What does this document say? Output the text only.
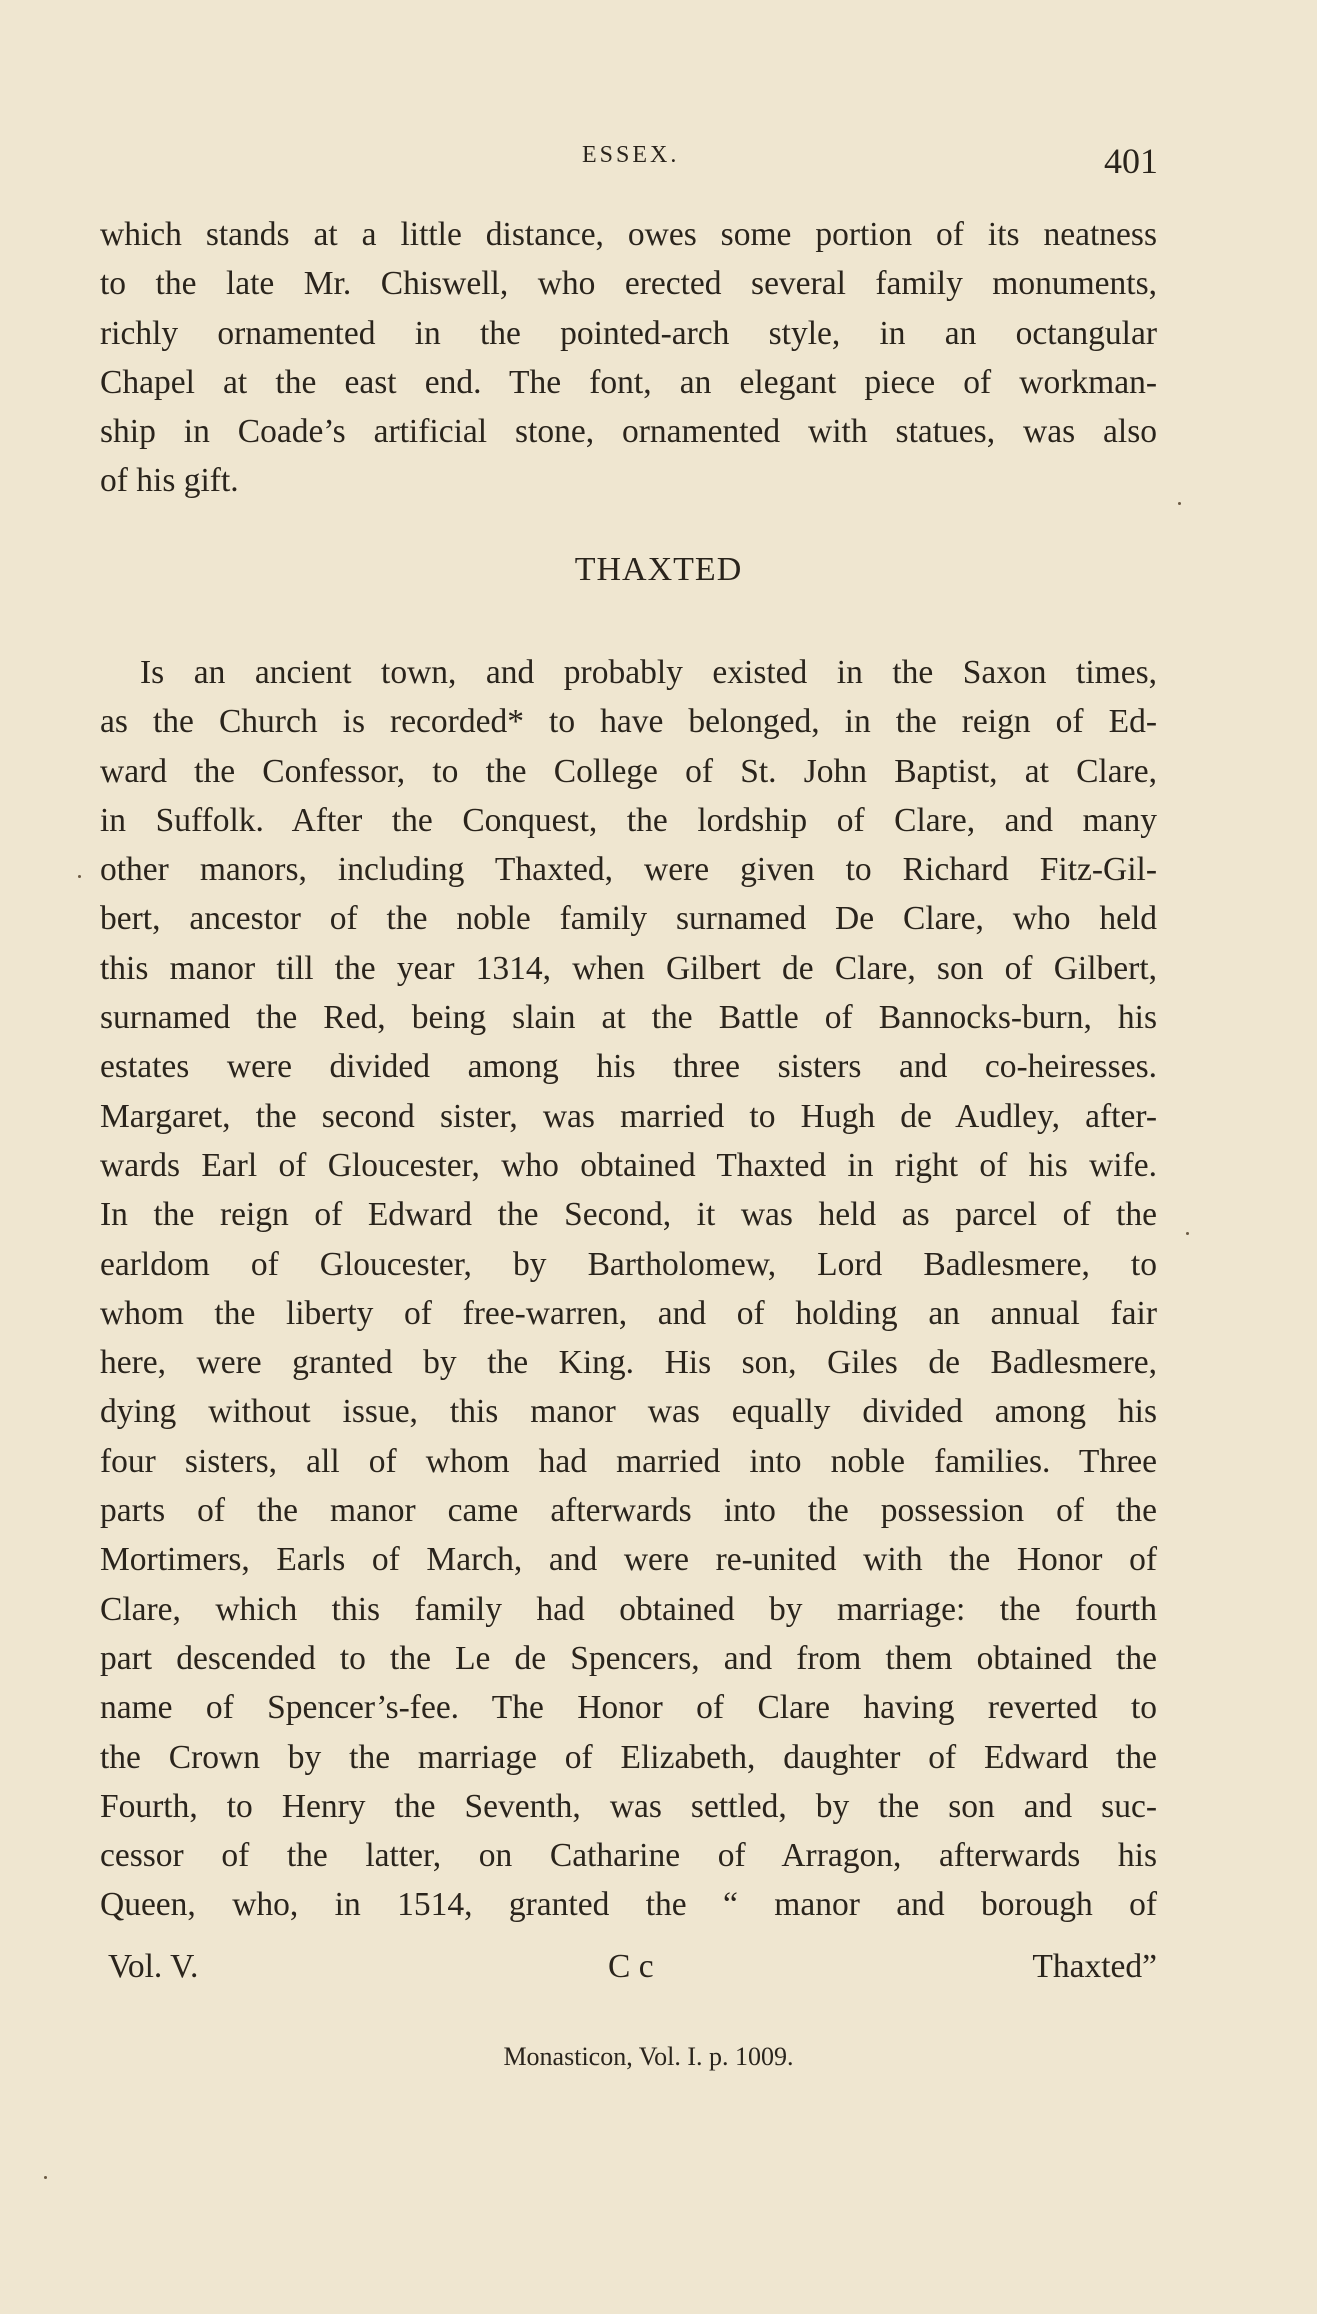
ESSEX.	401
which stands at a little distance, owes some portion of its neatness
to the late Mr. Chiswell, who erected several family monuments,
richly ornamented in the pointed-arch style, in an octangular
Chapel at the east end. The font, an elegant piece of workman-
ship in Coade’s artificial stone, ornamented with statues, was also
of his gift.
THAXTED
Is an ancient town, and probably existed in the Saxon times,
as the Church is recorded* to have belonged, in the reign of Ed-
ward the Confessor, to the College of St. John Baptist, at Clare,
in Suffolk. After the Conquest, the lordship of Clare, and many
other manors, including Thaxted, were given to Richard Fitz-Gil-
bert, ancestor of the noble family surnamed De Clare, who held
this manor till the year 1314, when Gilbert de Clare, son of Gilbert,
surnamed the Red, being slain at the Battle of Bannocks-burn, his
estates were divided among his three sisters and co-heiresses.
Margaret, the second sister, was married to Hugh de Audley, after-
wards Earl of Gloucester, who obtained Thaxted in right of his wife.
In the reign of Edward the Second, it was held as parcel of the
earldom of Gloucester, by Bartholomew, Lord Badlesmere, to
whom the liberty of free-warren, and of holding an annual fair
here, were granted by the King. His son, Giles de Badlesmere,
dying without issue, this manor was equally divided among his
four sisters, all of whom had married into noble families. Three
parts of the manor came afterwards into the possession of the
Mortimers, Earls of March, and were re-united with the Honor of
Clare, which this family had obtained by marriage: the fourth
part descended to the Le de Spencers, and from them obtained the
name of Spencer’s-fee. The Honor of Clare having reverted to
the Crown by the marriage of Elizabeth, daughter of Edward the
Fourth, to Henry the Seventh, was settled, by the son and suc-
cessor of the latter, on Catharine of Arragon, afterwards his
Queen, who, in 1514, granted the “ manor and borough of
Vol. V.	C c	Thaxted”
Monasticon, Vol. I. p. 1009.
